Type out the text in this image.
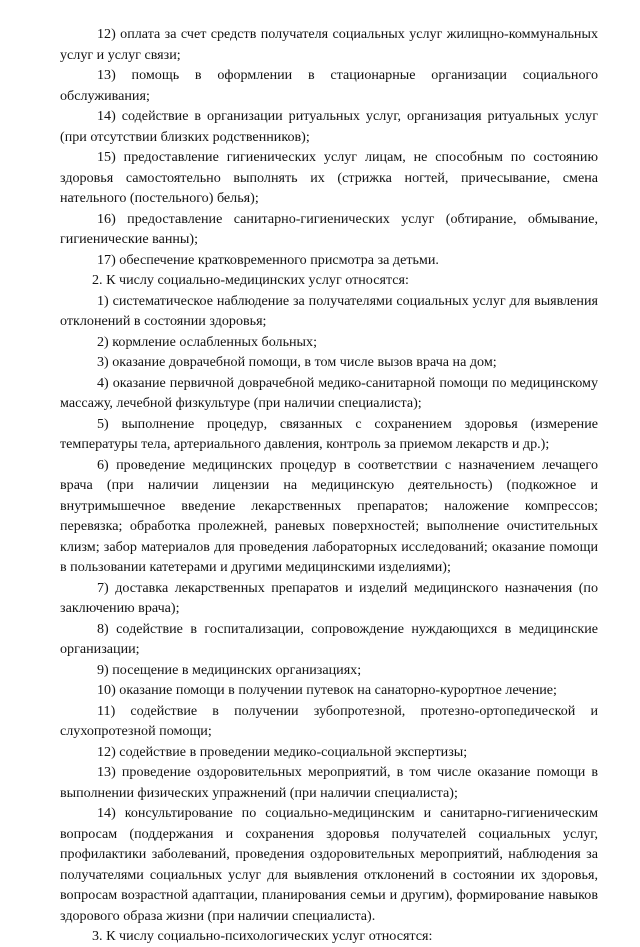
12) оплата за счет средств получателя социальных услуг жилищно-коммунальных услуг и услуг связи;

13) помощь в оформлении в стационарные организации социального обслуживания;

14) содействие в организации ритуальных услуг, организация ритуальных услуг (при отсутствии близких родственников);

15) предоставление гигиенических услуг лицам, не способным по состоянию здоровья самостоятельно выполнять их (стрижка ногтей, причесывание, смена нательного (постельного) белья);

16) предоставление санитарно-гигиенических услуг (обтирание, обмывание, гигиенические ванны);

17) обеспечение кратковременного присмотра за детьми.

2. К числу социально-медицинских услуг относятся:

1) систематическое наблюдение за получателями социальных услуг для выявления отклонений в состоянии здоровья;

2) кормление ослабленных больных;

3) оказание доврачебной помощи, в том числе вызов врача на дом;

4) оказание первичной доврачебной медико-санитарной помощи по медицинскому массажу, лечебной физкультуре (при наличии специалиста);

5) выполнение процедур, связанных с сохранением здоровья (измерение температуры тела, артериального давления, контроль за приемом лекарств и др.);

6) проведение медицинских процедур в соответствии с назначением лечащего врача (при наличии лицензии на медицинскую деятельность) (подкожное и внутримышечное введение лекарственных препаратов; наложение компрессов; перевязка; обработка пролежней, раневых поверхностей; выполнение очистительных клизм; забор материалов для проведения лабораторных исследований; оказание помощи в пользовании катетерами и другими медицинскими изделиями);

7) доставка лекарственных препаратов и изделий медицинского назначения (по заключению врача);

8) содействие в госпитализации, сопровождение нуждающихся в медицинские организации;

9) посещение в медицинских организациях;

10) оказание помощи в получении путевок на санаторно-курортное лечение;

11) содействие в получении зубопротезной, протезно-ортопедической и слухопротезной помощи;

12) содействие в проведении медико-социальной экспертизы;

13) проведение оздоровительных мероприятий, в том числе оказание помощи в выполнении физических упражнений (при наличии специалиста);

14) консультирование по социально-медицинским и санитарно-гигиеническим вопросам (поддержания и сохранения здоровья получателей социальных услуг, профилактики заболеваний, проведения оздоровительных мероприятий, наблюдения за получателями социальных услуг для выявления отклонений в состоянии их здоровья, вопросам возрастной адаптации, планирования семьи и другим), формирование навыков здорового образа жизни (при наличии специалиста).

3. К числу социально-психологических услуг относятся:
